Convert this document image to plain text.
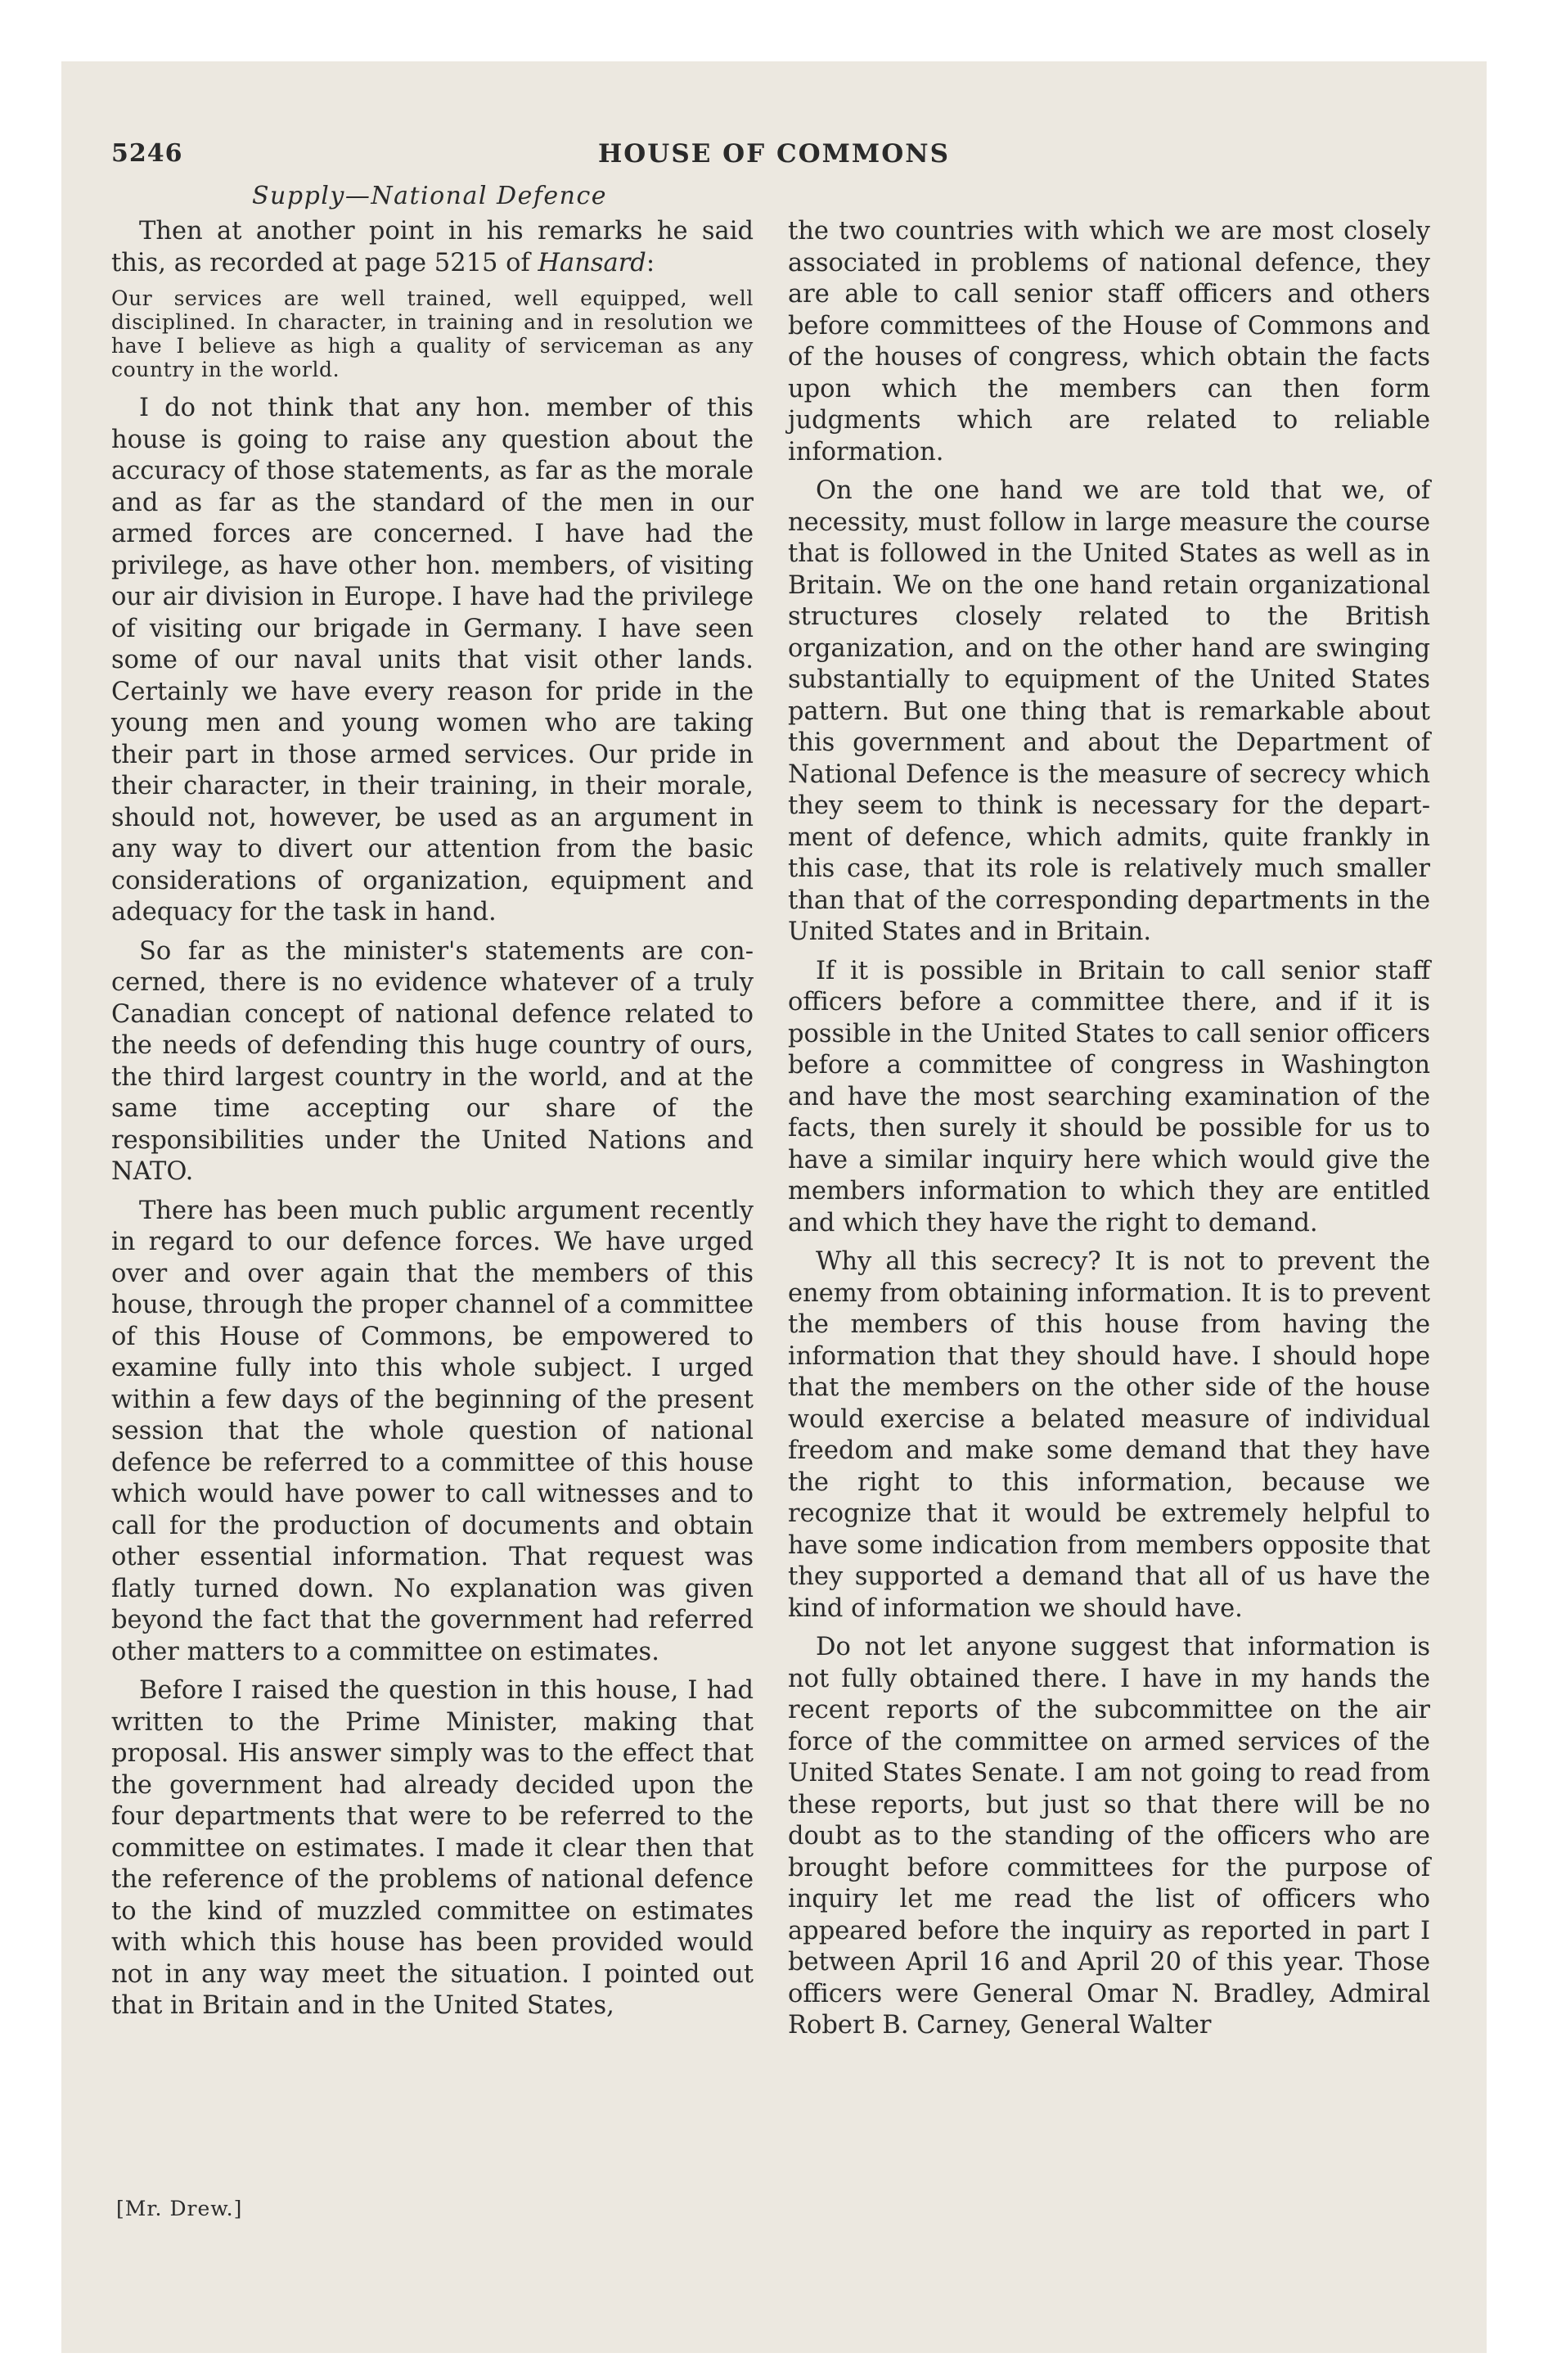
5246	HOUSE OF COMMONS
Supply—National Defence

Then at another point in his remarks he said this, as recorded at page 5215 of Hansard:

Our services are well trained, well equipped, well disciplined. In character, in training and in resolution we have I believe as high a quality of serviceman as any country in the world.

I do not think that any hon. member of this house is going to raise any question about the accuracy of those statements, as far as the morale and as far as the standard of the men in our armed forces are concerned. I have had the privilege, as have other hon. members, of visiting our air division in Europe. I have had the privilege of visiting our brigade in Germany. I have seen some of our naval units that visit other lands. Certainly we have every reason for pride in the young men and young women who are taking their part in those armed services. Our pride in their character, in their training, in their morale, should not, however, be used as an argument in any way to divert our attention from the basic considerations of organization, equipment and adequacy for the task in hand.

So far as the minister's statements are concerned, there is no evidence whatever of a truly Canadian concept of national defence related to the needs of defending this huge country of ours, the third largest country in the world, and at the same time accepting our share of the responsibilities under the United Nations and NATO.

There has been much public argument recently in regard to our defence forces. We have urged over and over again that the members of this house, through the proper channel of a committee of this House of Commons, be empowered to examine fully into this whole subject. I urged within a few days of the beginning of the present session that the whole question of national defence be referred to a committee of this house which would have power to call witnesses and to call for the production of documents and obtain other essential information. That request was flatly turned down. No explanation was given beyond the fact that the government had referred other matters to a committee on estimates.

Before I raised the question in this house, I had written to the Prime Minister, making that proposal. His answer simply was to the effect that the government had already decided upon the four departments that were to be referred to the committee on estimates. I made it clear then that the reference of the problems of national defence to the kind of muzzled committee on estimates with which this house has been provided would not in any way meet the situation. I pointed out that in Britain and in the United States,

the two countries with which we are most closely associated in problems of national defence, they are able to call senior staff officers and others before committees of the House of Commons and of the houses of congress, which obtain the facts upon which the members can then form judgments which are related to reliable information.

On the one hand we are told that we, of necessity, must follow in large measure the course that is followed in the United States as well as in Britain. We on the one hand retain organizational structures closely related to the British organization, and on the other hand are swinging substantially to equipment of the United States pattern. But one thing that is remarkable about this government and about the Department of National Defence is the measure of secrecy which they seem to think is necessary for the department of defence, which admits, quite frankly in this case, that its role is relatively much smaller than that of the corresponding departments in the United States and in Britain.

If it is possible in Britain to call senior staff officers before a committee there, and if it is possible in the United States to call senior officers before a committee of congress in Washington and have the most searching examination of the facts, then surely it should be possible for us to have a similar inquiry here which would give the members information to which they are entitled and which they have the right to demand.

Why all this secrecy? It is not to prevent the enemy from obtaining information. It is to prevent the members of this house from having the information that they should have. I should hope that the members on the other side of the house would exercise a belated measure of individual freedom and make some demand that they have the right to this information, because we recognize that it would be extremely helpful to have some indication from members opposite that they supported a demand that all of us have the kind of information we should have.

Do not let anyone suggest that information is not fully obtained there. I have in my hands the recent reports of the subcommittee on the air force of the committee on armed services of the United States Senate. I am not going to read from these reports, but just so that there will be no doubt as to the standing of the officers who are brought before committees for the purpose of inquiry let me read the list of officers who appeared before the inquiry as reported in part I between April 16 and April 20 of this year. Those officers were General Omar N. Bradley, Admiral Robert B. Carney, General Walter

[Mr. Drew.]
